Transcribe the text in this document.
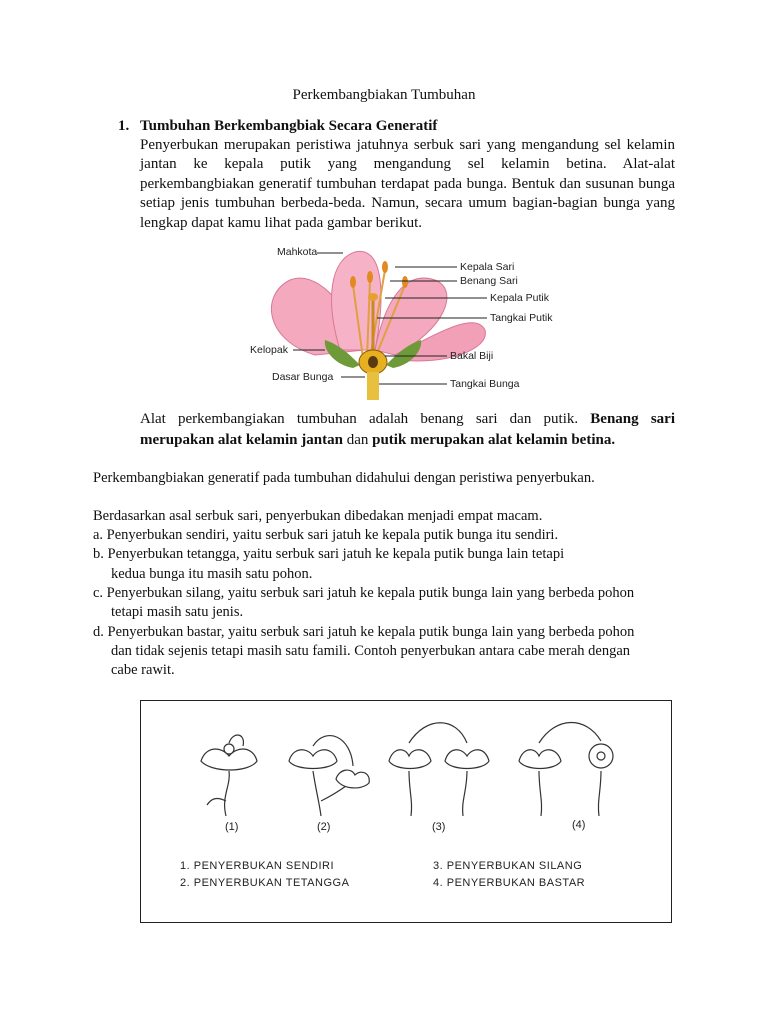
Perkembangbiakan Tumbuhan
1. Tumbuhan Berkembangbiak Secara Generatif
Penyerbukan merupakan peristiwa jatuhnya serbuk sari yang mengandung sel kelamin jantan ke kepala putik yang mengandung sel kelamin betina. Alat-alat perkembangbiakan generatif tumbuhan terdapat pada bunga. Bentuk dan susunan bunga setiap jenis tumbuhan berbeda-beda. Namun, secara umum bagian-bagian bunga yang lengkap dapat kamu lihat pada gambar berikut.
Mahkota
Kepala Sari
Benang Sari
Kepala Putik
Tangkai Putik
Kelopak	Bakal Biji
Dasar Bunga
Tangkai Bunga
Alat perkembangiakan tumbuhan adalah benang sari dan putik. Benang sari merupakan alat kelamin jantan dan putik merupakan alat kelamin betina.
Perkembangbiakan generatif pada tumbuhan didahului dengan peristiwa penyerbukan.
Berdasarkan asal serbuk sari, penyerbukan dibedakan menjadi empat macam.
a. Penyerbukan sendiri, yaitu serbuk sari jatuh ke kepala putik bunga itu sendiri.
b. Penyerbukan tetangga, yaitu serbuk sari jatuh ke kepala putik bunga lain tetapi
kedua bunga itu masih satu pohon.
c. Penyerbukan silang, yaitu serbuk sari jatuh ke kepala putik bunga lain yang berbeda pohon
tetapi masih satu jenis.
d. Penyerbukan bastar, yaitu serbuk sari jatuh ke kepala putik bunga lain yang berbeda pohon
dan tidak sejenis tetapi masih satu famili. Contoh penyerbukan antara cabe merah dengan
cabe rawit.
(1)	(2)	(3)	(4)
1. PENYERBUKAN SENDIRI
2. PENYERBUKAN TETANGGA
3. PENYERBUKAN SILANG
4. PENYERBUKAN BASTAR
